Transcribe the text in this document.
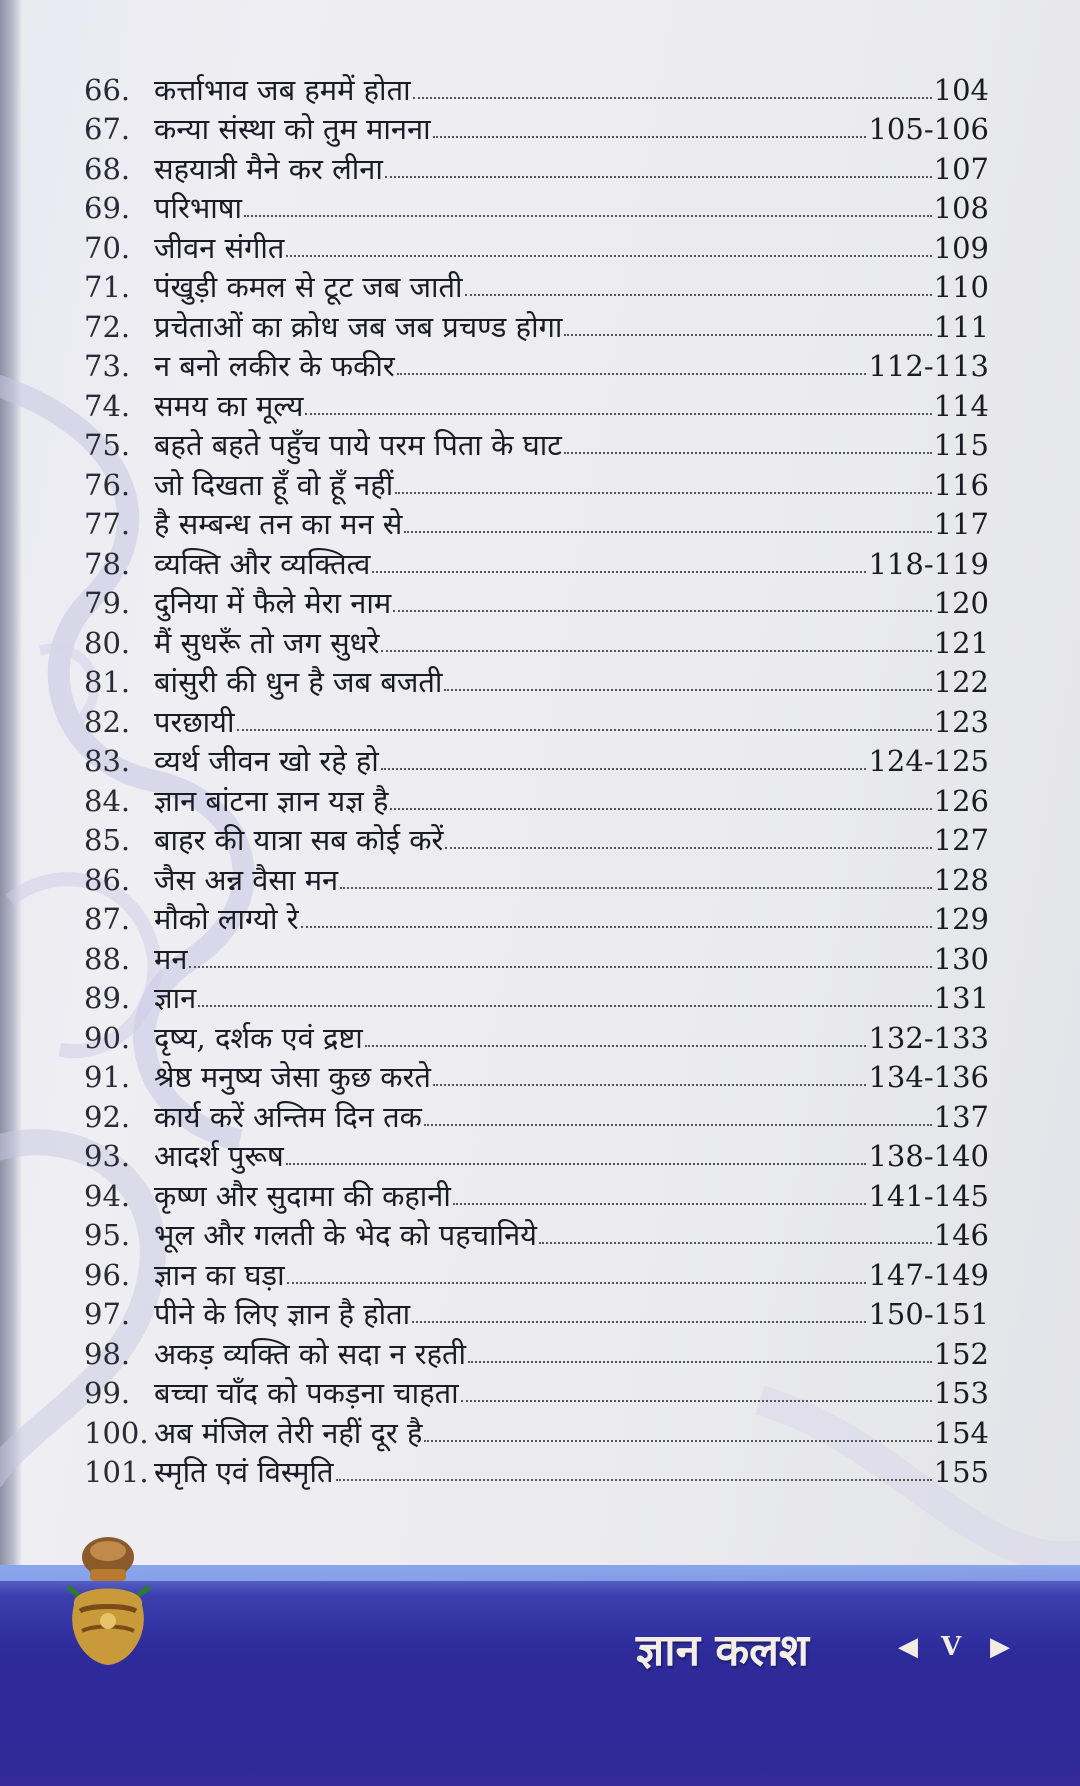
66. कर्त्ताभाव जब हममें होता	104
67. कन्या संस्था को तुम मानना	105-106
68. सहयात्री मैने कर लीना	107
69. परिभाषा	108
70. जीवन संगीत	109
71. पंखुड़ी कमल से टूट जब जाती	110
72. प्रचेताओं का क्रोध जब जब प्रचण्ड होगा	111
73. न बनो लकीर के फकीर	112-113
74. समय का मूल्य	114
75. बहते बहते पहुँच पाये परम पिता के घाट	115
76. जो दिखता हूँ वो हूँ नहीं	116
77. है सम्बन्ध तन का मन से	117
78. व्यक्ति और व्यक्तित्व	118-119
79. दुनिया में फैले मेरा नाम	120
80. मैं सुधरूँ तो जग सुधरे	121
81. बांसुरी की धुन है जब बजती	122
82. परछायी	123
83. व्यर्थ जीवन खो रहे हो	124-125
84. ज्ञान बांटना ज्ञान यज्ञ है	126
85. बाहर की यात्रा सब कोई करें	127
86. जैस अन्न वैसा मन	128
87. मौको लाग्यो रे	129
88. मन	130
89. ज्ञान	131
90. दृष्य, दर्शक एवं द्रष्टा	132-133
91. श्रेष्ठ मनुष्य जेसा कुछ करते	134-136
92. कार्य करें अन्तिम दिन तक	137
93. आदर्श पुरूष	138-140
94. कृष्ण और सुदामा की कहानी	141-145
95. भूल और गलती के भेद को पहचानिये	146
96. ज्ञान का घड़ा	147-149
97. पीने के लिए ज्ञान है होता	150-151
98. अकड़ व्यक्ति को सदा न रहती	152
99. बच्चा चाँद को पकड़ना चाहता	153
100. अब मंजिल तेरी नहीं दूर है	154
101. स्मृति एवं विस्मृति	155
ज्ञान कलश	◀ V ▶
